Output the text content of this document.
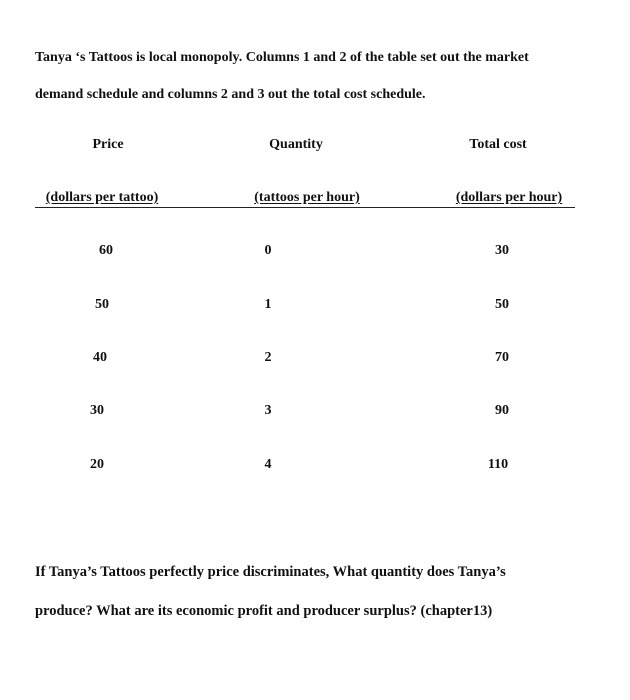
Tanya ‘s Tattoos is local monopoly. Columns 1 and 2 of the table set out the market
demand schedule and columns 2 and 3 out the total cost schedule.
Price	Quantity	Total cost
(dollars per tattoo)	(tattoos per hour)	(dollars per hour)
60	0	30
50	1	50
40	2	70
30	3	90
20	4	110
If Tanya’s Tattoos perfectly price discriminates, What quantity does Tanya’s
produce? What are its economic profit and producer surplus? (chapter13)
